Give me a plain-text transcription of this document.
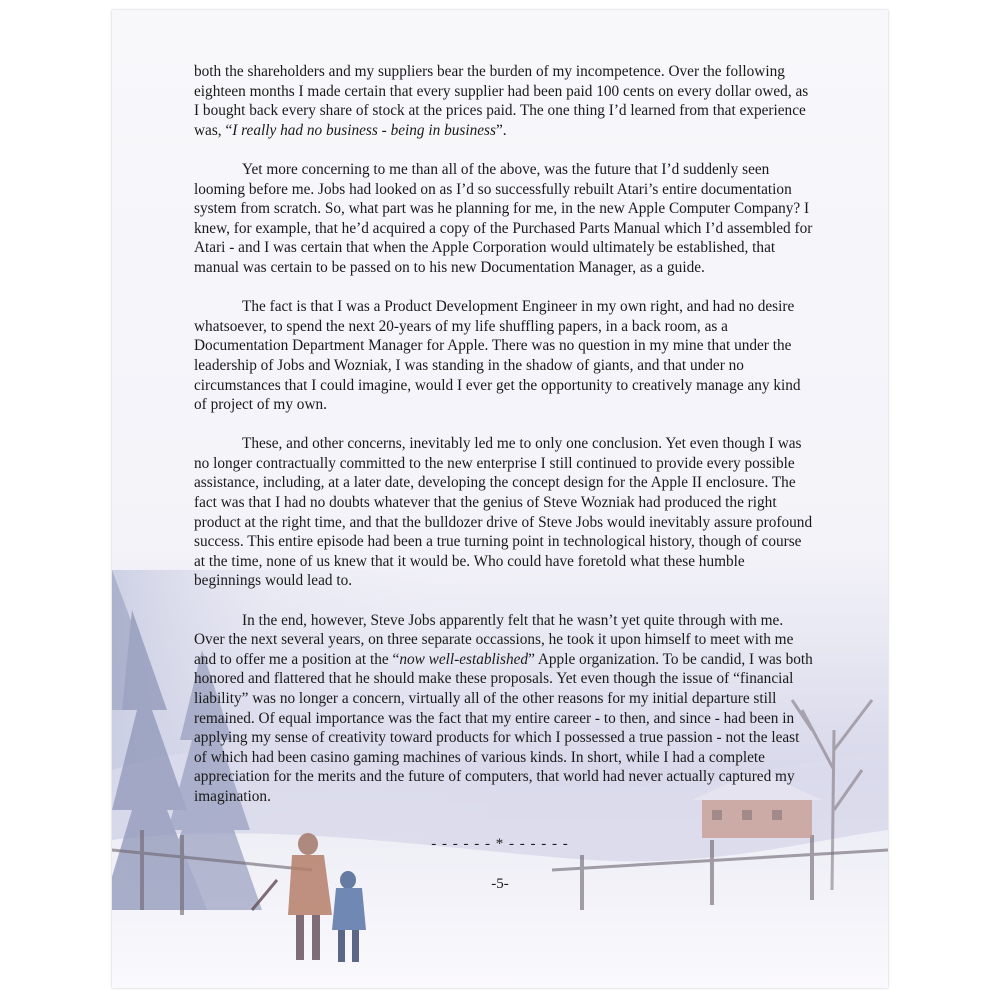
both the shareholders and my suppliers bear the burden of my incompetence. Over the following eighteen months I made certain that every supplier had been paid 100 cents on every dollar owed, as I bought back every share of stock at the prices paid. The one thing I’d learned from that experience was, “I really had no business - being in business”.

Yet more concerning to me than all of the above, was the future that I’d suddenly seen looming before me. Jobs had looked on as I’d so successfully rebuilt Atari’s entire documentation system from scratch. So, what part was he planning for me, in the new Apple Computer Company? I knew, for example, that he’d acquired a copy of the Purchased Parts Manual which I’d assembled for Atari - and I was certain that when the Apple Corporation would ultimately be established, that manual was certain to be passed on to his new Documentation Manager, as a guide.

The fact is that I was a Product Development Engineer in my own right, and had no desire whatsoever, to spend the next 20-years of my life shuffling papers, in a back room, as a Documentation Department Manager for Apple. There was no question in my mine that under the leadership of Jobs and Wozniak, I was standing in the shadow of giants, and that under no circumstances that I could imagine, would I ever get the opportunity to creatively manage any kind of project of my own.

These, and other concerns, inevitably led me to only one conclusion. Yet even though I was no longer contractually committed to the new enterprise I still continued to provide every possible assistance, including, at a later date, developing the concept design for the Apple II enclosure. The fact was that I had no doubts whatever that the genius of Steve Wozniak had produced the right product at the right time, and that the bulldozer drive of Steve Jobs would inevitably assure profound success. This entire episode had been a true turning point in technological history, though of course at the time, none of us knew that it would be. Who could have foretold what these humble beginnings would lead to.

In the end, however, Steve Jobs apparently felt that he wasn’t yet quite through with me. Over the next several years, on three separate occassions, he took it upon himself to meet with me and to offer me a position at the “now well-established” Apple organization. To be candid, I was both honored and flattered that he should make these proposals. Yet even though the issue of “financial liability” was no longer a concern, virtually all of the other reasons for my initial departure still remained. Of equal importance was the fact that my entire career - to then, and since - had been in applying my sense of creativity toward products for which I possessed a true passion - not the least of which had been casino gaming machines of various kinds. In short, while I had a complete appreciation for the merits and the future of computers, that world had never actually captured my imagination.

- - - - - - * - - - - - -
-5-
